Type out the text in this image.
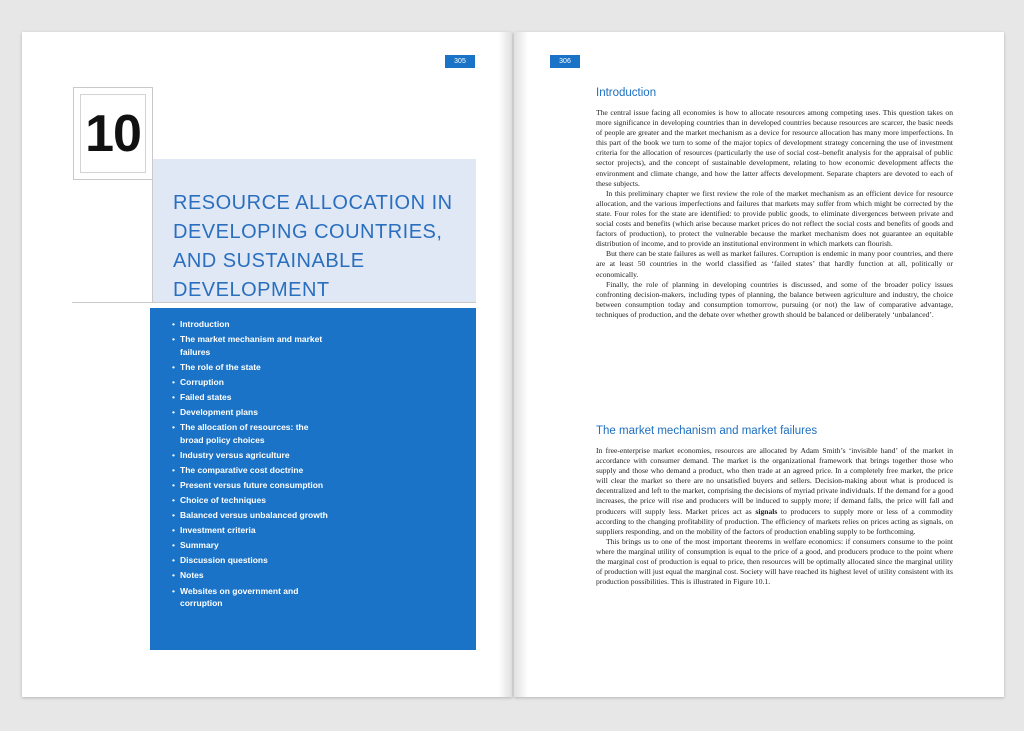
305
RESOURCE ALLOCATION IN DEVELOPING COUNTRIES, AND SUSTAINABLE DEVELOPMENT
10
• Introduction
• The market mechanism and market failures
• The role of the state
• Corruption
• Failed states
• Development plans
• The allocation of resources: the broad policy choices
• Industry versus agriculture
• The comparative cost doctrine
• Present versus future consumption
• Choice of techniques
• Balanced versus unbalanced growth
• Investment criteria
• Summary
• Discussion questions
• Notes
• Websites on government and corruption
306
Introduction

The central issue facing all economies is how to allocate resources among competing uses. This question takes on more significance in developing countries than in developed countries because resources are scarcer, the basic needs of people are greater and the market mechanism as a device for resource allocation has many more imperfections. In this part of the book we turn to some of the major topics of development strategy concerning the use of investment criteria for the allocation of resources (particularly the use of social cost–benefit analysis for the appraisal of public sector projects), and the concept of sustainable development, relating to how economic development affects the environment and climate change, and how the latter affects development. Separate chapters are devoted to each of these subjects.

In this preliminary chapter we first review the role of the market mechanism as an efficient device for resource allocation, and the various imperfections and failures that markets may suffer from which might be corrected by the state. Four roles for the state are identified: to provide public goods, to eliminate divergences between private and social costs and benefits (which arise because market prices do not reflect the social costs and benefits of goods and factors of production), to protect the vulnerable because the market mechanism does not guarantee an equitable distribution of income, and to provide an institutional environment in which markets can flourish.

But there can be state failures as well as market failures. Corruption is endemic in many poor countries, and there are at least 50 countries in the world classified as ‘failed states’ that hardly function at all, politically or economically.

Finally, the role of planning in developing countries is discussed, and some of the broader policy issues confronting decision-makers, including types of planning, the balance between agriculture and industry, the choice between consumption today and consumption tomorrow, pursuing (or not) the law of comparative advantage, techniques of production, and the debate over whether growth should be balanced or deliberately ‘unbalanced’.

The market mechanism and market failures

In free-enterprise market economies, resources are allocated by Adam Smith’s ‘invisible hand’ of the market in accordance with consumer demand. The market is the organizational framework that brings together those who supply and those who demand a product, who then trade at an agreed price. In a completely free market, the price will clear the market so there are no unsatisfied buyers and sellers. Decision-making about what is produced is decentralized and left to the market, comprising the decisions of myriad private individuals. If the demand for a good increases, the price will rise and producers will be induced to supply more; if demand falls, the price will fall and producers will supply less. Market prices act as signals to producers to supply more or less of a commodity according to the changing profitability of production. The efficiency of markets relies on prices acting as signals, on suppliers responding, and on the mobility of the factors of production enabling supply to be forthcoming.

This brings us to one of the most important theorems in welfare economics: if consumers consume to the point where the marginal utility of consumption is equal to the price of a good, and producers produce to the point where the marginal cost of production is equal to price, then resources will be optimally allocated since the marginal utility of production will just equal the marginal cost. Society will have reached its highest level of utility consistent with its production possibilities. This is illustrated in Figure 10.1.
